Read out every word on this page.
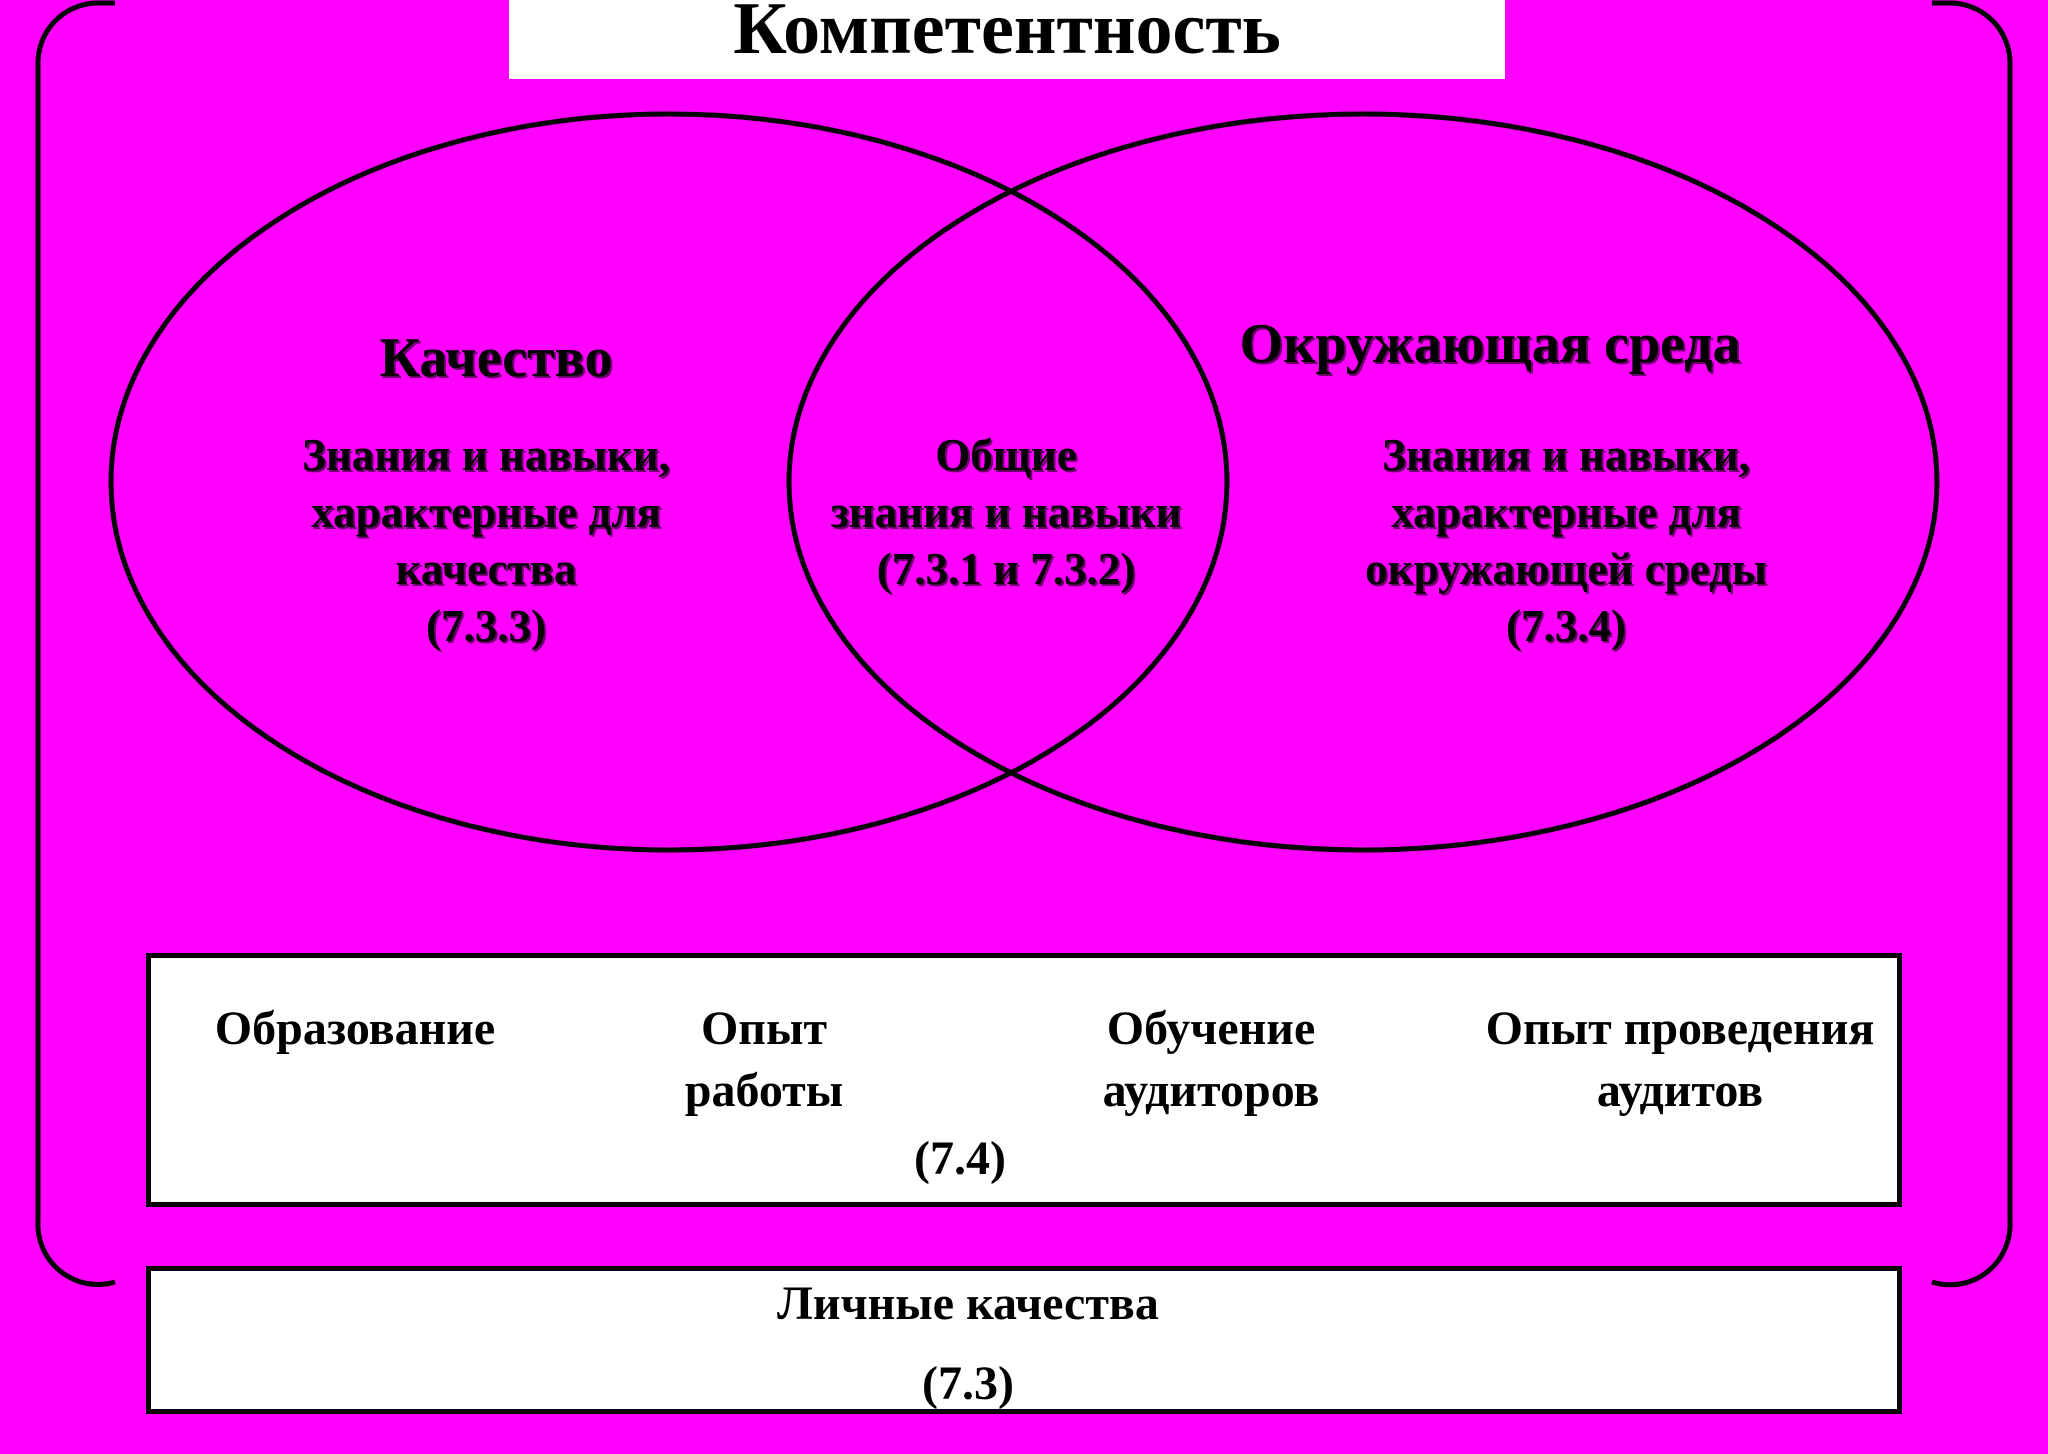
Компетентность
Качество
Знания и навыки,
характерные для
качества
(7.3.3)
Общие
знания и навыки
(7.3.1 и 7.3.2)
Окружающая среда
Знания и навыки,
характерные для
окружающей среды
(7.3.4)
Образование	Опыт
работы
Обучение
аудиторов
Опыт проведения
аудитов
(7.4)
Личные качества
(7.3)
